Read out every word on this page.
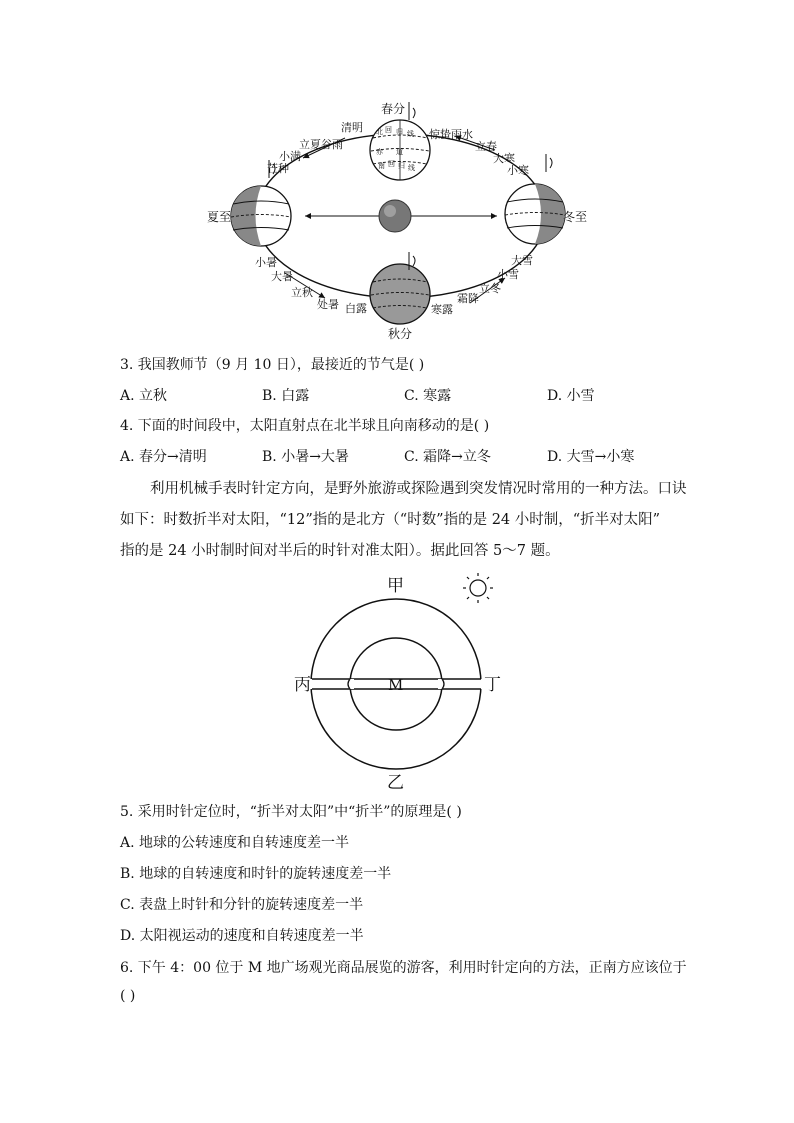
春分
夏至
秋分
冬至
清明
立夏谷雨
小满
芒种
惊蛰雨水
立春
大寒
小寒
小暑
大暑
立秋
处暑 白露	寒露
霜降
立冬
小雪
大雪
北 回 归 线
赤 道
南 回 归 线
3. 我国教师节（9 月 10 日），最接近的节气是( )
A. 立秋	B. 白露	C. 寒露	D. 小雪
4. 下面的时间段中，太阳直射点在北半球且向南移动的是( )
A. 春分→清明	B. 小暑→大暑	C. 霜降→立冬	D. 大雪→小寒
利用机械手表时针定方向，是野外旅游或探险遇到突发情况时常用的一种方法。口诀
如下：时数折半对太阳，“12”指的是北方（“时数”指的是 24 小时制，“折半对太阳”
指的是 24 小时制时间对半后的时针对准太阳）。据此回答 5～7 题。
甲
乙
丙	丁
M
5. 采用时针定位时，“折半对太阳”中“折半”的原理是( )
A. 地球的公转速度和自转速度差一半
B. 地球的自转速度和时针的旋转速度差一半
C. 表盘上时针和分针的旋转速度差一半
D. 太阳视运动的速度和自转速度差一半
6. 下午 4：00 位于 M 地广场观光商品展览的游客，利用时针定向的方法，正南方应该位于
( )
